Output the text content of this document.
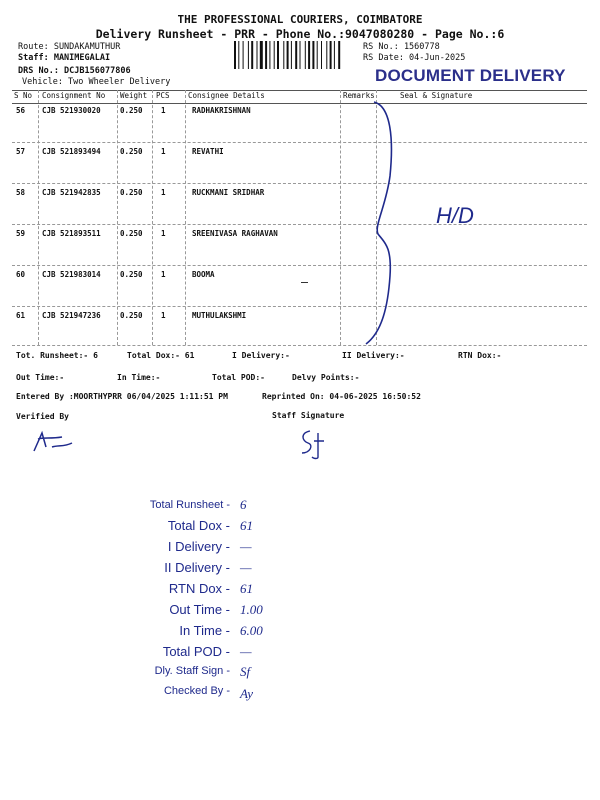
THE PROFESSIONAL COURIERS, COIMBATORE
Delivery Runsheet - PRR - Phone No.:9047080280 - Page No.:6
Route: SUNDAKAMUTHUR
Staff: MANIMEGALAI
DRS No.: DCJB156077806
Vehicle: Two Wheeler Delivery
RS No.: 1560778
RS Date: 04-Jun-2025
DOCUMENT DELIVERY
S No Consignment No Weight PCS Consignee Details	Remarks	Seal & Signature
56 CJB 521930020	0.250 1	RADHAKRISHNAN
57 CJB 521893494	0.250 1	REVATHI
58 CJB 521942835	0.250 1	RUCKMANI SRIDHAR
59 CJB 521893511	0.250 1	SREENIVASA RAGHAVAN
60 CJB 521983014	0.250 1	BOOMA
61 CJB 521947236	0.250 1	MUTHULAKSHMI
H/D
Tot. Runsheet:- 6	Total Dox:- 61	I Delivery:-	II Delivery:-	RTN Dox:-
Out Time:-	In Time:-	Total POD:-	Delvy Points:-
Entered By :MOORTHYPRR 06/04/2025 1:11:51 PM	Reprinted On: 04-06-2025 16:50:52
Verified By	Staff Signature
Total Runsheet - 6
Total Dox - 61
I Delivery - —
II Delivery - —
RTN Dox - 61
Out Time - 1.00
In Time - 6.00
Total POD - —
Dly. Staff Sign - Sf
Checked By - Ay
